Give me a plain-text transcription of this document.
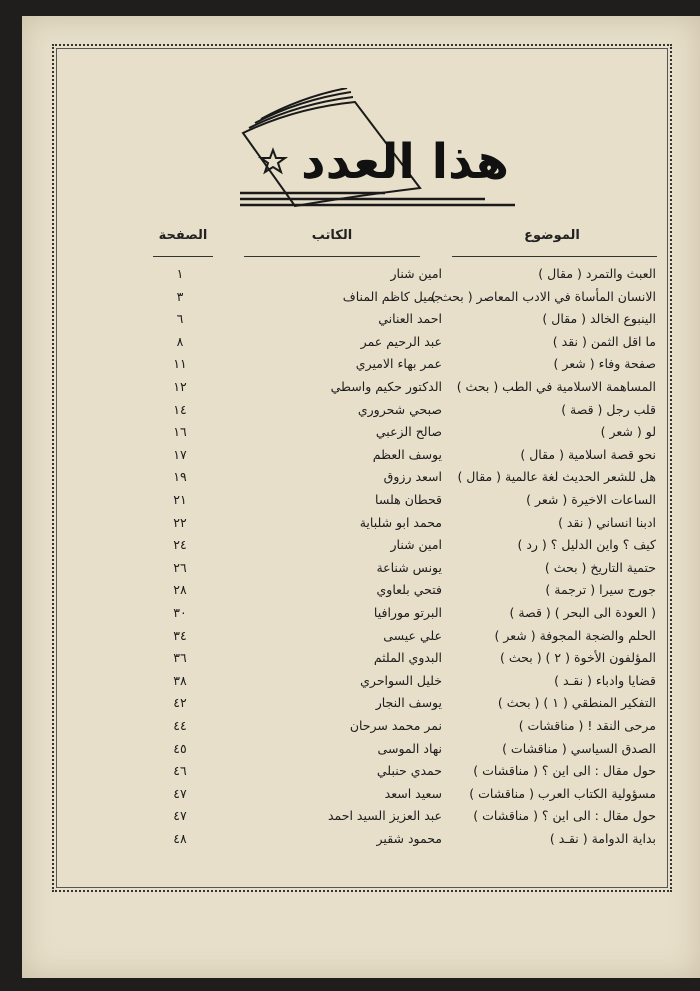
هذا العدد
الموضوع
الكاتب
الصفحة
العبث والتمرد ( مقال )
امين شنار
١
الانسان المأساة في الادب المعاصر ( بحث )
جميل كاظم المناف
٣
الينبوع الخالد ( مقال )
احمد العناني
٦
ما اقل الثمن ( نقد )
عبد الرحيم عمر
٨
صفحة وفاء ( شعر )
عمر بهاء الاميري
١١
المساهمة الاسلامية في الطب ( بحث )
الدكتور حكيم واسطي
١٢
قلب رجل ( قصة )
صبحي شحروري
١٤
لو ( شعر )
صالح الزعبي
١٦
نحو قصة اسلامية ( مقال )
يوسف العظم
١٧
هل للشعر الحديث لغة عالمية ( مقال )
اسعد رزوق
١٩
الساعات الاخيرة ( شعر )
قحطان هلسا
٢١
ادبنا انساني ( نقد )
محمد ابو شلباية
٢٢
كيف ؟ واين الدليل ؟ ( رد )
امين شنار
٢٤
حتمية التاريخ ( بحث )
يونس شناعة
٢٦
جورج سيرا ( ترجمة )
فتحي بلعاوي
٢٨
( العودة الى البحر ) ( قصة )
البرتو مورافيا
٣٠
الحلم والضجة المجوفة ( شعر )
علي عيسى
٣٤
المؤلفون الأخوة ( ٢ ) ( بحث )
البدوي الملثم
٣٦
قضايا وادباء ( نقـد )
خليل السواحري
٣٨
التفكير المنطقي ( ١ ) ( بحث )
يوسف النجار
٤٢
مرحى النقد ! ( مناقشات )
نمر محمد سرحان
٤٤
الصدق السياسي ( مناقشات )
نهاد الموسى
٤٥
حول مقال : الى اين ؟ ( مناقشات )
حمدي حنبلي
٤٦
مسؤولية الكتاب العرب ( مناقشات )
سعيد اسعد
٤٧
حول مقال : الى اين ؟ ( مناقشات )
عبد العزيز السيد احمد
٤٧
بداية الدوامة ( نقـد )
محمود شقير
٤٨
